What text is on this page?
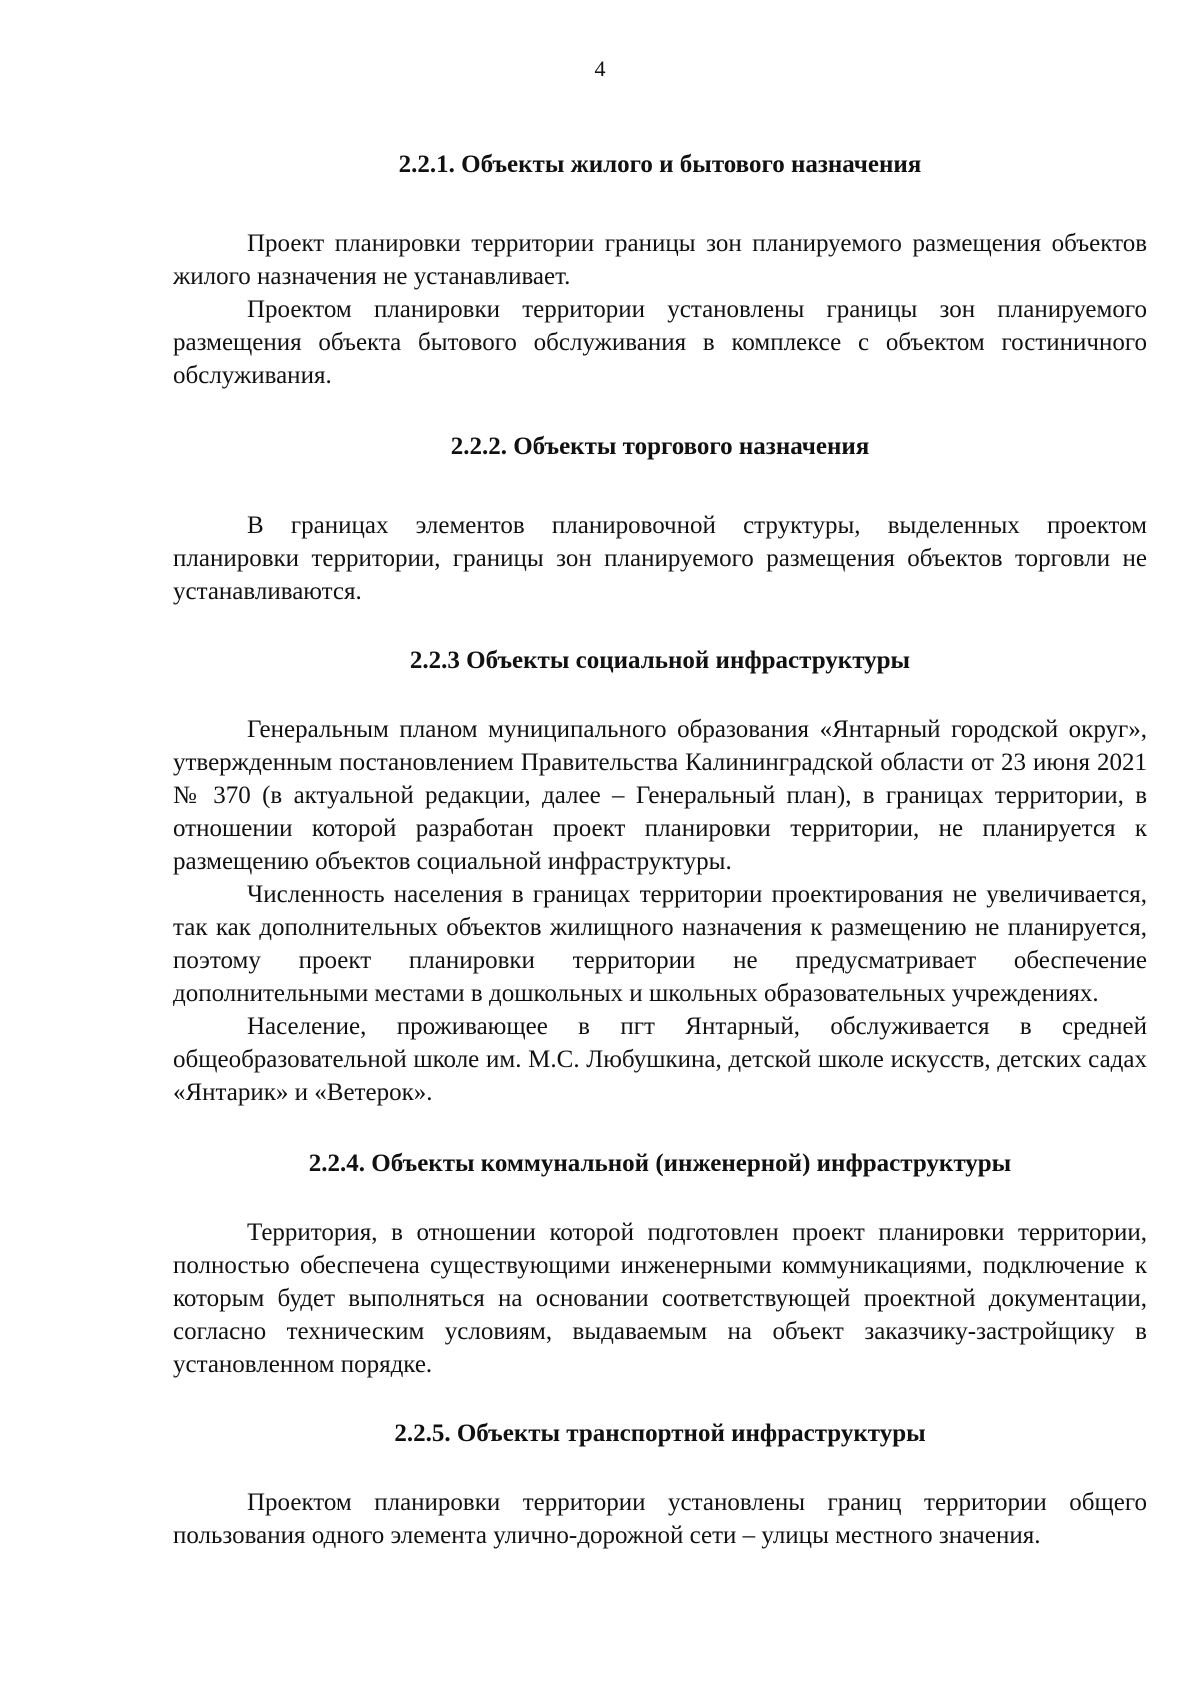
4
2.2.1. Объекты жилого и бытового назначения

Проект планировки территории границы зон планируемого размещения объектов жилого назначения не устанавливает.

Проектом планировки территории установлены границы зон планируемого размещения объекта бытового обслуживания в комплексе с объектом гостиничного обслуживания.

2.2.2. Объекты торгового назначения

В границах элементов планировочной структуры, выделенных проектом планировки территории, границы зон планируемого размещения объектов торговли не устанавливаются.

2.2.3 Объекты социальной инфраструктуры

Генеральным планом муниципального образования «Янтарный городской округ», утвержденным постановлением Правительства Калининградской области от 23 июня 2021 № 370 (в актуальной редакции, далее – Генеральный план), в границах территории, в отношении которой разработан проект планировки территории, не планируется к размещению объектов социальной инфраструктуры.

Численность населения в границах территории проектирования не увеличивается, так как дополнительных объектов жилищного назначения к размещению не планируется, поэтому проект планировки территории не предусматривает обеспечение дополнительными местами в дошкольных и школьных образовательных учреждениях.

Население, проживающее в пгт Янтарный, обслуживается в средней общеобразовательной школе им. М.С. Любушкина, детской школе искусств, детских садах «Янтарик» и «Ветерок».

2.2.4. Объекты коммунальной (инженерной) инфраструктуры

Территория, в отношении которой подготовлен проект планировки территории, полностью обеспечена существующими инженерными коммуникациями, подключение к которым будет выполняться на основании соответствующей проектной документации, согласно техническим условиям, выдаваемым на объект заказчику-застройщику в установленном порядке.

2.2.5. Объекты транспортной инфраструктуры

Проектом планировки территории установлены границ территории общего пользования одного элемента улично-дорожной сети – улицы местного значения.
